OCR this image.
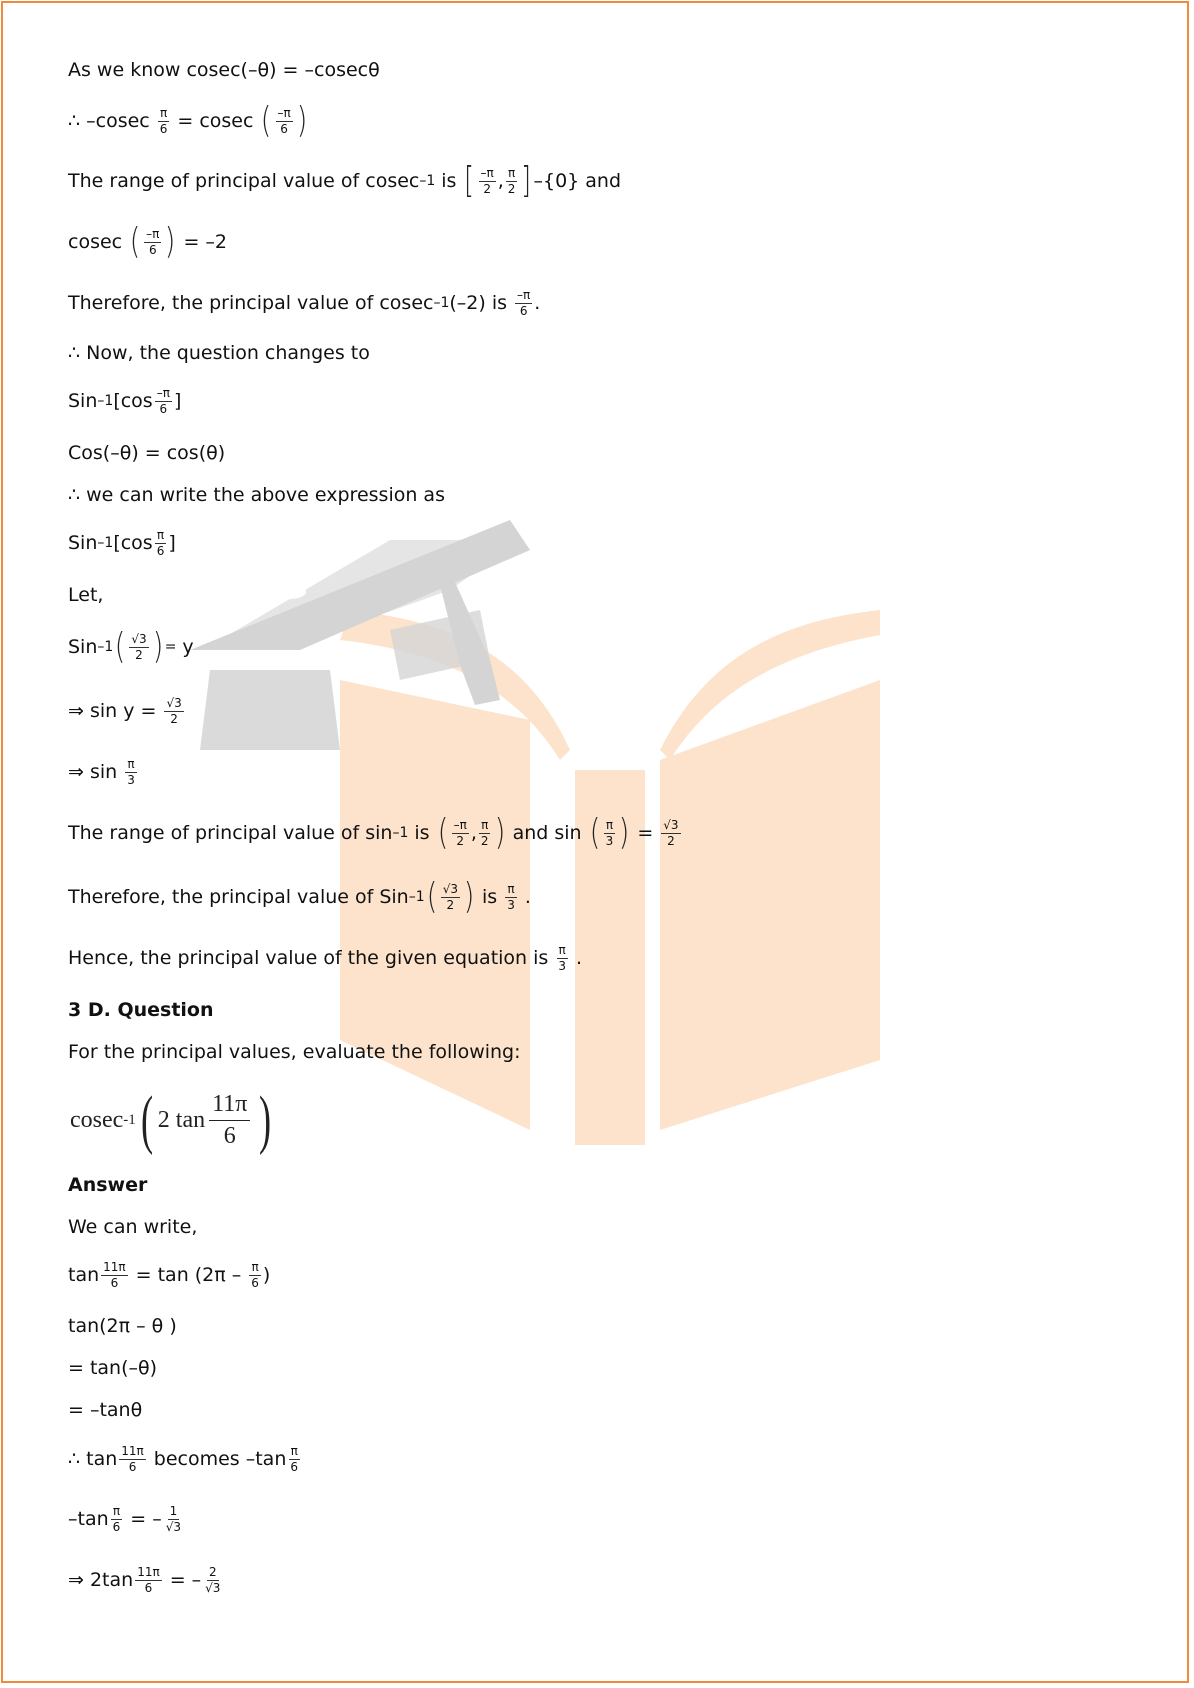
As we know cosec(–θ) = –cosecθ
∴ $-cosec \frac{\pi}{6} = cosec$ ( $\frac{-\pi}{6}$ )
The range of principal value of cosec –1 is [ $\frac{-\pi}{2}$ , $\frac{\pi}{2}$ ] –{0} and
cosec ( $\frac{-\pi}{6}$ ) = –2
Therefore, the principal value of cosec –1 (–2) is $\frac{-\pi}{6}$ .
∴ Now, the question changes to
Sin –1 [$\cos \frac{-\pi}{6}$ ]
Cos(–θ) = cos(θ)
∴ we can write the above expression as
Sin –1 [$\cos \frac{\pi}{6}$ ]
Let,
Sin –1 ( $\frac{√3}{2}$ ) = y
⇒ $\sin y = \frac{√3}{2}$
⇒ $\sin \frac{\pi}{3}$
The range of principal value of sin –1 is ( $\frac{-\pi}{2}$ , $\frac{\pi}{2}$ ) and sin ( $\frac{\pi}{3}$ ) = $\frac{√3}{2}$
Therefore, the principal value of Sin –1 ( $\frac{√3}{2}$ ) is $\frac{\pi}{3}$ .
Hence, the principal value of the given equation is $\frac{\pi}{3}$ .
3 D. Question
For the principal values, evaluate the following:
cosec -1 ( 2 tan
11π
6 )
Answer
We can write,
$\tan \frac{11\pi}{6} = \tan (2\pi - \frac{\pi}{6}$ )
tan(2π – θ )
= tan(–θ)
= –tanθ
∴ $\tan \frac{11\pi}{6}$ becomes $-\tan \frac{\pi}{6}$
$-\tan \frac{\pi}{6}$ = – $\frac{1}{√3}$
⇒ $2\tan \frac{11\pi}{6}$ = – $\frac{2}{√3}$
